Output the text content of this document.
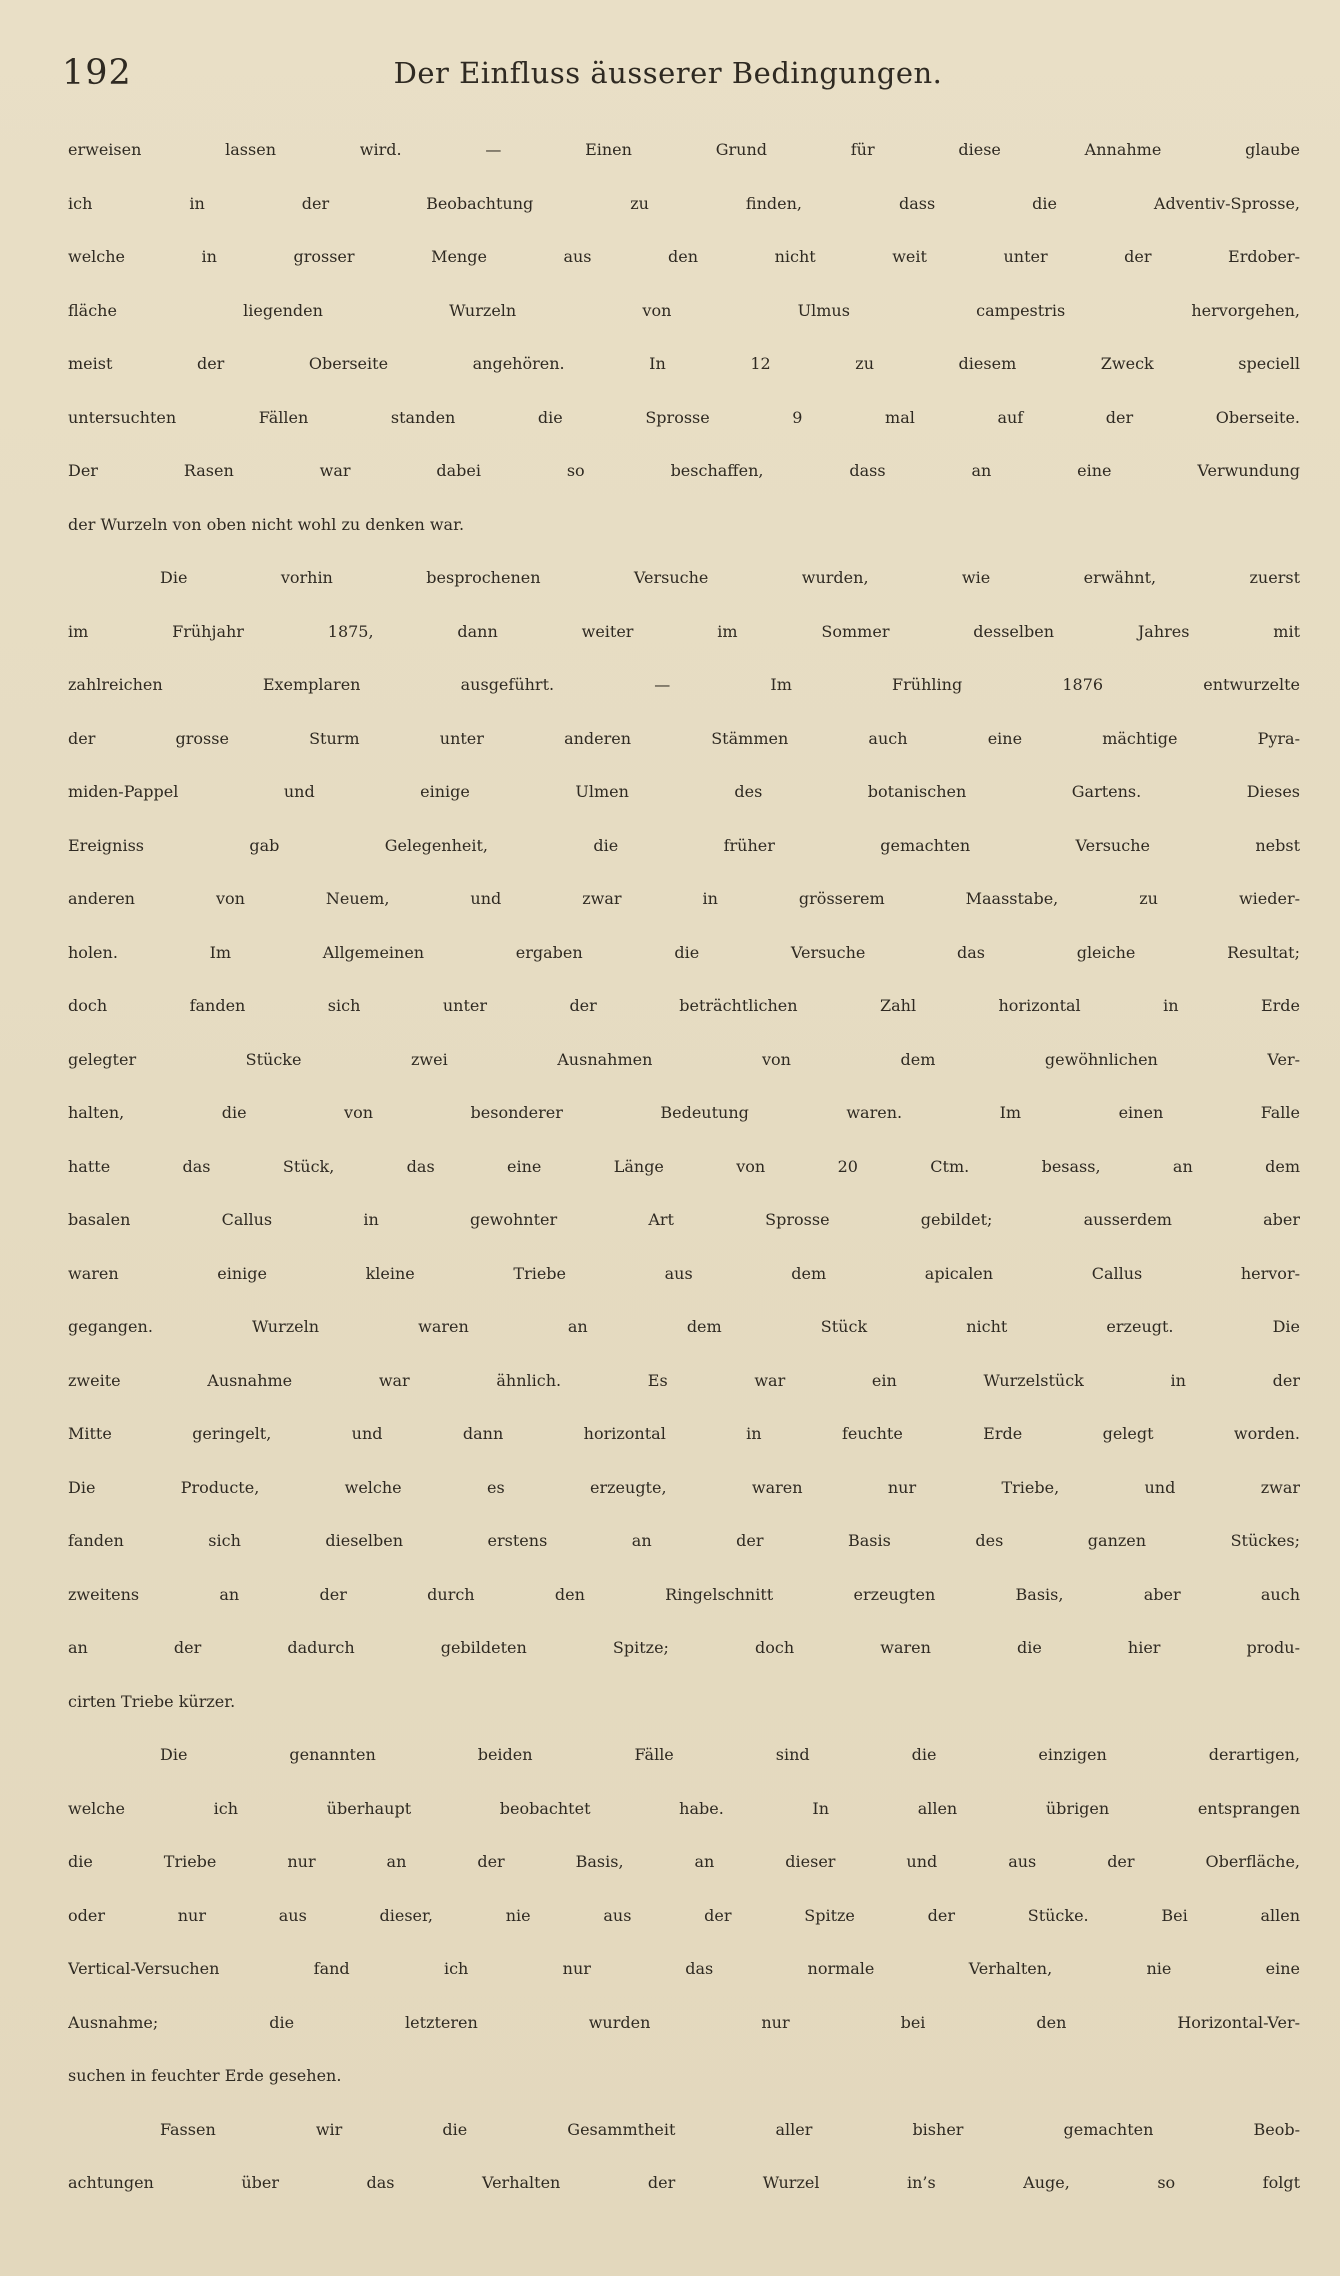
192	Der Einfluss äusserer Bedingungen.
erweisen lassen wird. — Einen Grund für diese Annahme glaube
ich in der Beobachtung zu finden, dass die Adventiv-Sprosse,
welche in grosser Menge aus den nicht weit unter der Erdober-
fläche liegenden Wurzeln von Ulmus campestris hervorgehen,
meist der Oberseite angehören. In 12 zu diesem Zweck speciell
untersuchten Fällen standen die Sprosse 9 mal auf der Oberseite.
Der Rasen war dabei so beschaffen, dass an eine Verwundung
der Wurzeln von oben nicht wohl zu denken war.
Die vorhin besprochenen Versuche wurden, wie erwähnt, zuerst
im Frühjahr 1875, dann weiter im Sommer desselben Jahres mit
zahlreichen Exemplaren ausgeführt. — Im Frühling 1876 entwurzelte
der grosse Sturm unter anderen Stämmen auch eine mächtige Pyra-
miden-Pappel und einige Ulmen des botanischen Gartens. Dieses
Ereigniss gab Gelegenheit, die früher gemachten Versuche nebst
anderen von Neuem, und zwar in grösserem Maasstabe, zu wieder-
holen. Im Allgemeinen ergaben die Versuche das gleiche Resultat;
doch fanden sich unter der beträchtlichen Zahl horizontal in Erde
gelegter Stücke zwei Ausnahmen von dem gewöhnlichen Ver-
halten, die von besonderer Bedeutung waren. Im einen Falle
hatte das Stück, das eine Länge von 20 Ctm. besass, an dem
basalen Callus in gewohnter Art Sprosse gebildet; ausserdem aber
waren einige kleine Triebe aus dem apicalen Callus hervor-
gegangen. Wurzeln waren an dem Stück nicht erzeugt. Die
zweite Ausnahme war ähnlich. Es war ein Wurzelstück in der
Mitte geringelt, und dann horizontal in feuchte Erde gelegt worden.
Die Producte, welche es erzeugte, waren nur Triebe, und zwar
fanden sich dieselben erstens an der Basis des ganzen Stückes;
zweitens an der durch den Ringelschnitt erzeugten Basis, aber auch
an der dadurch gebildeten Spitze; doch waren die hier produ-
cirten Triebe kürzer.
Die genannten beiden Fälle sind die einzigen derartigen,
welche ich überhaupt beobachtet habe. In allen übrigen entsprangen
die Triebe nur an der Basis, an dieser und aus der Oberfläche,
oder nur aus dieser, nie aus der Spitze der Stücke. Bei allen
Vertical-Versuchen fand ich nur das normale Verhalten, nie eine
Ausnahme; die letzteren wurden nur bei den Horizontal-Ver-
suchen in feuchter Erde gesehen.
Fassen wir die Gesammtheit aller bisher gemachten Beob-
achtungen über das Verhalten der Wurzel in’s Auge, so folgt
